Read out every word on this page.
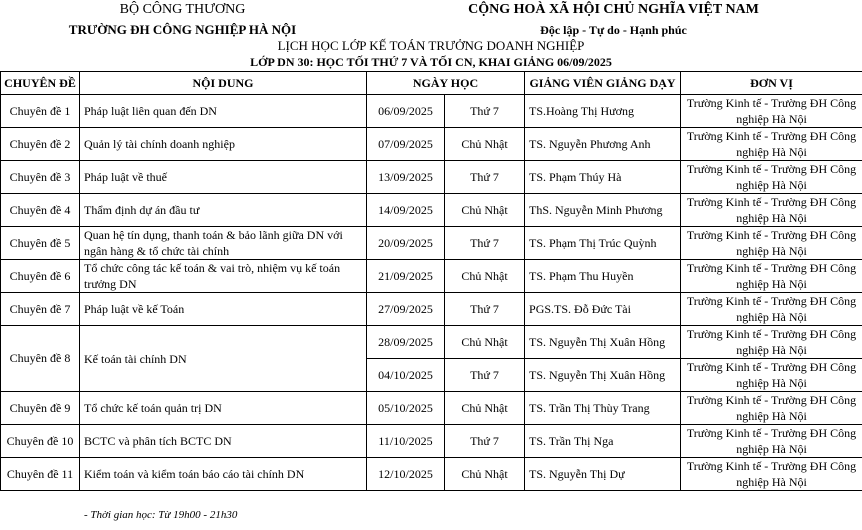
BỘ CÔNG THƯƠNG
TRƯỜNG ĐH CÔNG NGHIỆP HÀ NỘI
CỘNG HOÀ XÃ HỘI CHỦ NGHĨA VIỆT NAM
Độc lập - Tự do - Hạnh phúc
LỊCH HỌC LỚP KẾ TOÁN TRƯỞNG DOANH NGHIỆP
LỚP DN 30: HỌC TỐI THỨ 7 VÀ TỐI CN, KHAI GIẢNG 06/09/2025
CHUYÊN ĐỀ	NỘI DUNG	NGÀY HỌC		GIẢNG VIÊN GIẢNG DẠY	ĐƠN VỊ
Chuyên đề 1	Pháp luật liên quan đến DN	06/09/2025	Thứ 7	TS.Hoàng Thị Hương	Trường Kinh tế - Trường ĐH Công nghiệp Hà Nội
Chuyên đề 2	Quản lý tài chính doanh nghiệp	07/09/2025	Chủ Nhật	TS. Nguyễn Phương Anh	Trường Kinh tế - Trường ĐH Công nghiệp Hà Nội
Chuyên đề 3	Pháp luật về thuế	13/09/2025	Thứ 7	TS. Phạm Thúy Hà	Trường Kinh tế - Trường ĐH Công nghiệp Hà Nội
Chuyên đề 4	Thẩm định dự án đầu tư	14/09/2025	Chủ Nhật	ThS. Nguyễn Minh Phương	Trường Kinh tế - Trường ĐH Công nghiệp Hà Nội
Chuyên đề 5	Quan hệ tín dụng, thanh toán & bảo lãnh giữa DN với ngân hàng & tổ chức tài chính	20/09/2025	Thứ 7	TS. Phạm Thị Trúc Quỳnh	Trường Kinh tế - Trường ĐH Công nghiệp Hà Nội
Chuyên đề 6	Tổ chức công tác kế toán & vai trò, nhiệm vụ kế toán trưởng DN	21/09/2025	Chủ Nhật	TS. Phạm Thu Huyền	Trường Kinh tế - Trường ĐH Công nghiệp Hà Nội
Chuyên đề 7	Pháp luật về kế Toán	27/09/2025	Thứ 7	PGS.TS. Đỗ Đức Tài	Trường Kinh tế - Trường ĐH Công nghiệp Hà Nội
Chuyên đề 8	Kế toán tài chính DN	28/09/2025	Chủ Nhật	TS. Nguyễn Thị Xuân Hồng	Trường Kinh tế - Trường ĐH Công nghiệp Hà Nội
		04/10/2025	Thứ 7	TS. Nguyễn Thị Xuân Hồng	Trường Kinh tế - Trường ĐH Công nghiệp Hà Nội
Chuyên đề 9	Tổ chức kế toán quản trị DN	05/10/2025	Chủ Nhật	TS. Trần Thị Thùy Trang	Trường Kinh tế - Trường ĐH Công nghiệp Hà Nội
Chuyên đề 10	BCTC và phân tích BCTC DN	11/10/2025	Thứ 7	TS. Trần Thị Nga	Trường Kinh tế - Trường ĐH Công nghiệp Hà Nội
Chuyên đề 11	Kiểm toán và kiểm toán báo cáo tài chính DN	12/10/2025	Chủ Nhật	TS. Nguyễn Thị Dự	Trường Kinh tế - Trường ĐH Công nghiệp Hà Nội
- Thời gian học: Từ 19h00 - 21h30
